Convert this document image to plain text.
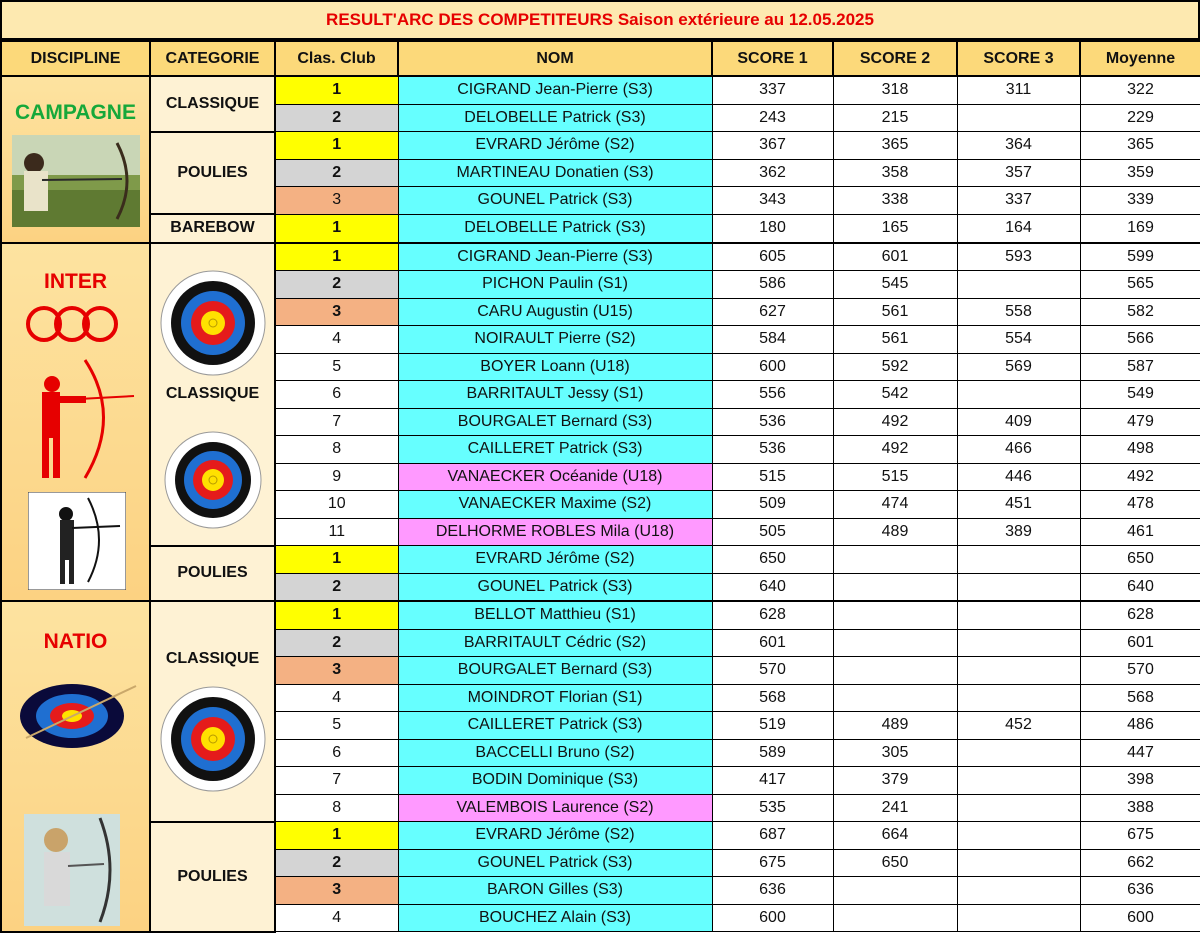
RESULT'ARC DES COMPETITEURS Saison extérieure au 12.05.2025
DISCIPLINE	CATEGORIE	Clas. Club	NOM	SCORE 1	SCORE 2	SCORE 3	Moyenne

CAMPAGNE	CLASSIQUE	1	CIGRAND Jean-Pierre (S3)	337	318	311	322
		2	DELOBELLE Patrick (S3)	243	215		229
	POULIES	1	EVRARD Jérôme (S2)	367	365	364	365
		2	MARTINEAU Donatien (S3)	362	358	357	359
		3	GOUNEL Patrick (S3)	343	338	337	339
	BAREBOW	1	DELOBELLE Patrick (S3)	180	165	164	169

INTER	CLASSIQUE	1	CIGRAND Jean-Pierre (S3)	605	601	593	599
		2	PICHON Paulin (S1)	586	545		565
		3	CARU Augustin (U15)	627	561	558	582
		4	NOIRAULT Pierre (S2)	584	561	554	566
		5	BOYER Loann (U18)	600	592	569	587
		6	BARRITAULT Jessy (S1)	556	542		549
		7	BOURGALET Bernard (S3)	536	492	409	479
		8	CAILLERET Patrick (S3)	536	492	466	498
		9	VANAECKER Océanide (U18)	515	515	446	492
		10	VANAECKER Maxime (S2)	509	474	451	478
		11	DELHORME ROBLES Mila (U18)	505	489	389	461
	POULIES	1	EVRARD Jérôme (S2)	650			650
		2	GOUNEL Patrick (S3)	640			640

NATIO	CLASSIQUE	1	BELLOT Matthieu (S1)	628			628
		2	BARRITAULT Cédric (S2)	601			601
		3	BOURGALET Bernard (S3)	570			570
		4	MOINDROT Florian (S1)	568			568
		5	CAILLERET Patrick (S3)	519	489	452	486
		6	BACCELLI Bruno (S2)	589	305		447
		7	BODIN Dominique (S3)	417	379		398
		8	VALEMBOIS Laurence (S2)	535	241		388
	POULIES	1	EVRARD Jérôme (S2)	687	664		675
		2	GOUNEL Patrick (S3)	675	650		662
		3	BARON Gilles (S3)	636			636
		4	BOUCHEZ Alain (S3)	600			600
